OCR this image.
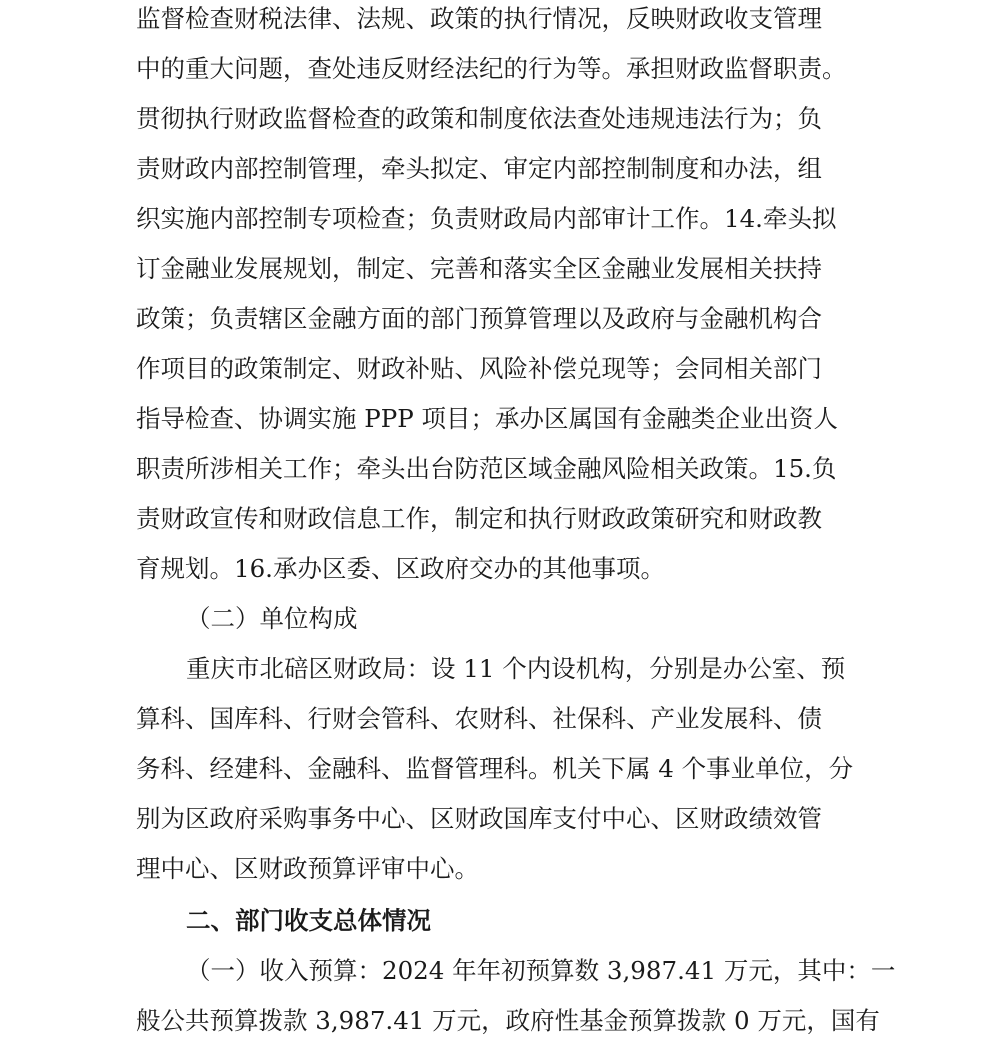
监督检查财税法律、法规、政策的执行情况，反映财政收支管理
中的重大问题，查处违反财经法纪的行为等。承担财政监督职责。
贯彻执行财政监督检查的政策和制度依法查处违规违法行为；负
责财政内部控制管理，牵头拟定、审定内部控制制度和办法，组
织实施内部控制专项检查；负责财政局内部审计工作。14.牵头拟
订金融业发展规划，制定、完善和落实全区金融业发展相关扶持
政策；负责辖区金融方面的部门预算管理以及政府与金融机构合
作项目的政策制定、财政补贴、风险补偿兑现等；会同相关部门
指导检查、协调实施 PPP 项目；承办区属国有金融类企业出资人
职责所涉相关工作；牵头出台防范区域金融风险相关政策。15.负
责财政宣传和财政信息工作，制定和执行财政政策研究和财政教
育规划。16.承办区委、区政府交办的其他事项。
（二）单位构成
重庆市北碚区财政局：设 11 个内设机构，分别是办公室、预
算科、国库科、行财会管科、农财科、社保科、产业发展科、债
务科、经建科、金融科、监督管理科。机关下属 4 个事业单位，分
别为区政府采购事务中心、区财政国库支付中心、区财政绩效管
理中心、区财政预算评审中心。
二、部门收支总体情况
（一）收入预算：2024 年年初预算数 3,987.41 万元，其中：一
般公共预算拨款 3,987.41 万元，政府性基金预算拨款 0 万元，国有
